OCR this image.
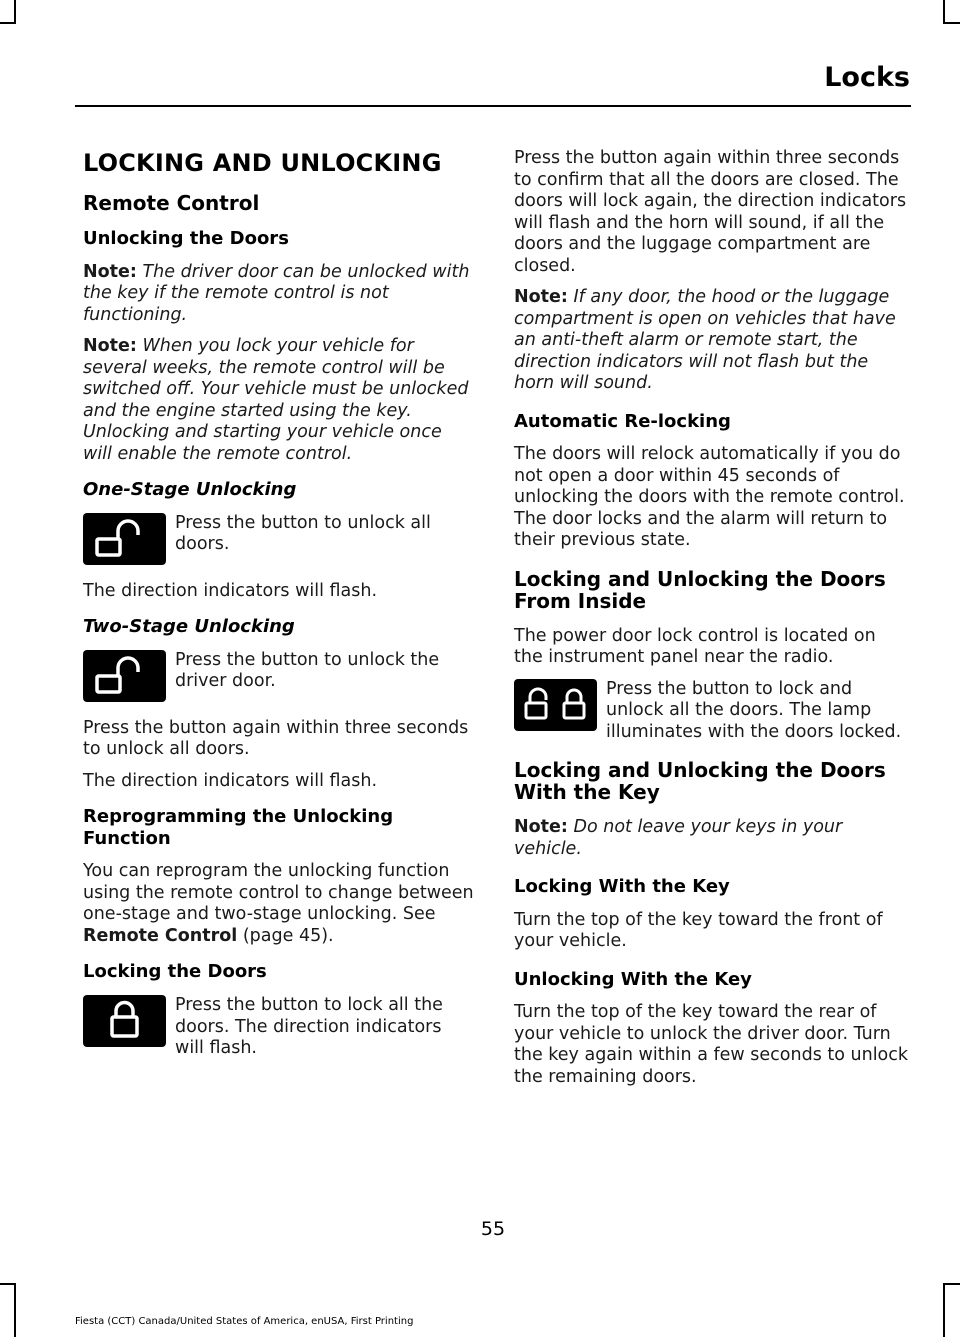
Locks
LOCKING AND UNLOCKING
Remote Control
Unlocking the Doors

Note: The driver door can be unlocked with the key if the remote control is not functioning.

Note: When you lock your vehicle for several weeks, the remote control will be switched off. Your vehicle must be unlocked and the engine started using the key. Unlocking and starting your vehicle once will enable the remote control.

One-Stage Unlocking

Press the button to unlock all doors.

The direction indicators will flash.

Two-Stage Unlocking

Press the button to unlock the driver door.

Press the button again within three seconds to unlock all doors.

The direction indicators will flash.

Reprogramming the Unlocking Function

You can reprogram the unlocking function using the remote control to change between one-stage and two-stage unlocking. See Remote Control (page 45).

Locking the Doors

Press the button to lock all the doors. The direction indicators will flash.

Press the button again within three seconds to confirm that all the doors are closed. The doors will lock again, the direction indicators will flash and the horn will sound, if all the doors and the luggage compartment are closed.

Note: If any door, the hood or the luggage compartment is open on vehicles that have an anti-theft alarm or remote start, the direction indicators will not flash but the horn will sound.

Automatic Re-locking

The doors will relock automatically if you do not open a door within 45 seconds of unlocking the doors with the remote control. The door locks and the alarm will return to their previous state.

Locking and Unlocking the Doors From Inside

The power door lock control is located on the instrument panel near the radio.

Press the button to lock and unlock all the doors. The lamp illuminates with the doors locked.

Locking and Unlocking the Doors With the Key

Note: Do not leave your keys in your vehicle.

Locking With the Key

Turn the top of the key toward the front of your vehicle.

Unlocking With the Key

Turn the top of the key toward the rear of your vehicle to unlock the driver door. Turn the key again within a few seconds to unlock the remaining doors.

55
Fiesta (CCT) Canada/United States of America, enUSA, First Printing
